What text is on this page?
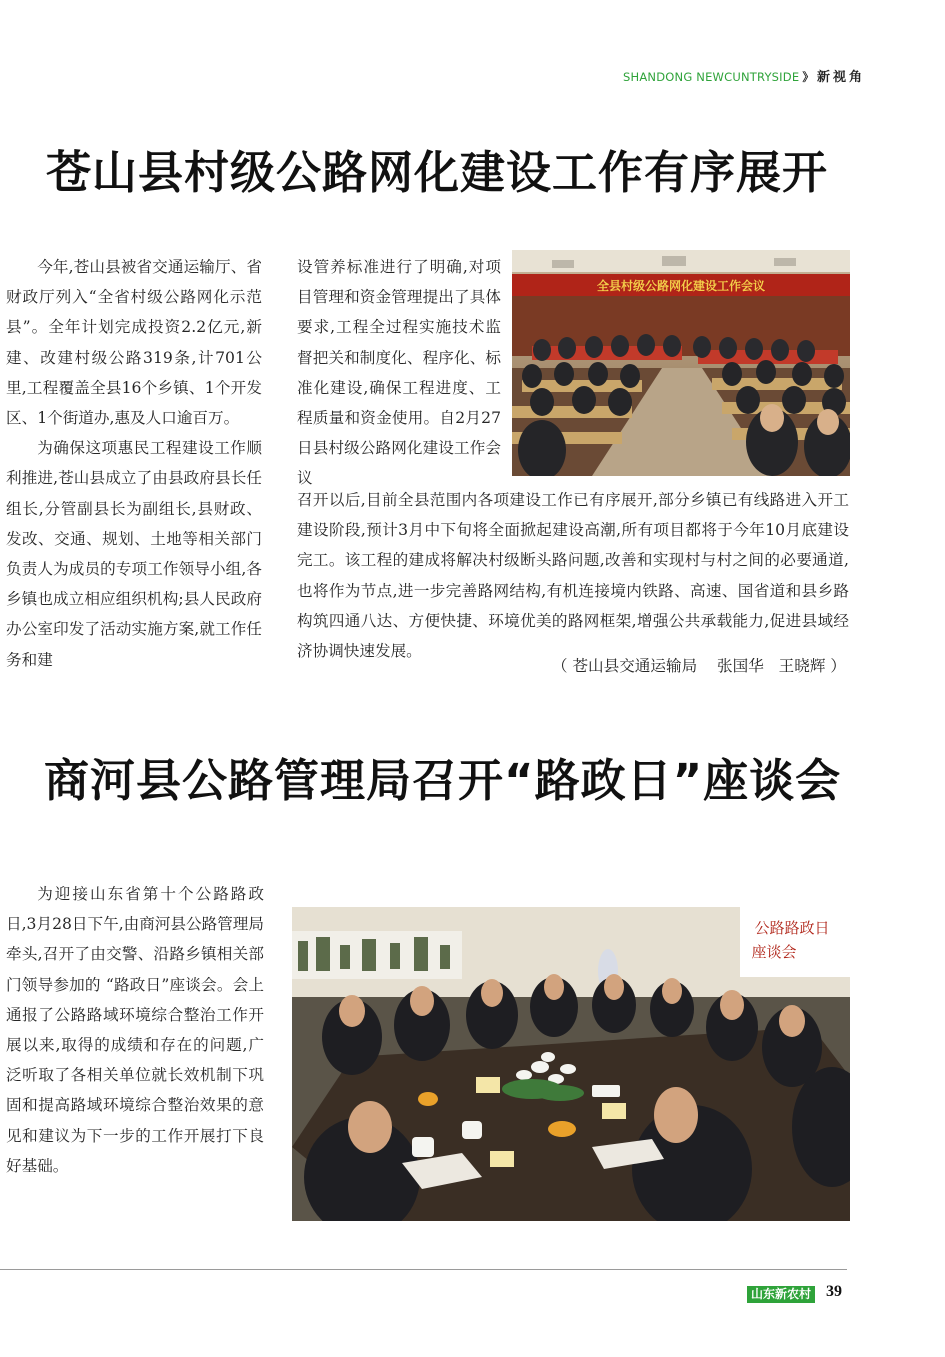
SHANDONG NEWCUNTRYSIDE 》 新视角
苍山县村级公路网化建设工作有序展开

今年,苍山县被省交通运输厅、省财政厅列入“全省村级公路网化示范县”。全年计划完成投资2.2亿元,新建、改建村级公路319条,计701公里,工程覆盖全县16个乡镇、1个开发区、1个街道办,惠及人口逾百万。

为确保这项惠民工程建设工作顺利推进,苍山县成立了由县政府县长任组长,分管副县长为副组长,县财政、发改、交通、规划、土地等相关部门负责人为成员的专项工作领导小组,各乡镇也成立相应组织机构;县人民政府办公室印发了活动实施方案,就工作任务和建

设管养标准进行了明确,对项目管理和资金管理提出了具体要求,工程全过程实施技术监督把关和制度化、程序化、标准化建设,确保工程进度、工程质量和资金使用。自2月27日县村级公路网化建设工作会议

全县村级公路网化建设工作会议

召开以后,目前全县范围内各项建设工作已有序展开,部分乡镇已有线路进入开工建设阶段,预计3月中下旬将全面掀起建设高潮,所有项目都将于今年10月底建设完工。该工程的建成将解决村级断头路问题,改善和实现村与村之间的必要通道,也将作为节点,进一步完善路网结构,有机连接境内铁路、高速、国省道和县乡路构筑四通八达、方便快捷、环境优美的路网框架,增强公共承载能力,促进县域经济协调快速发展。

（ 苍山县交通运输局    张国华   王晓辉 ）
商河县公路管理局召开“路政日”座谈会

为迎接山东省第十个公路路政日,3月28日下午,由商河县公路管理局牵头,召开了由交警、沿路乡镇相关部门领导参加的 “路政日”座谈会。会上通报了公路路域环境综合整治工作开展以来,取得的成绩和存在的问题,广泛听取了各相关单位就长效机制下巩固和提高路域环境综合整治效果的意见和建议为下一步的工作开展打下良好基础。

公路路政日
座谈会
山东新农村 39
